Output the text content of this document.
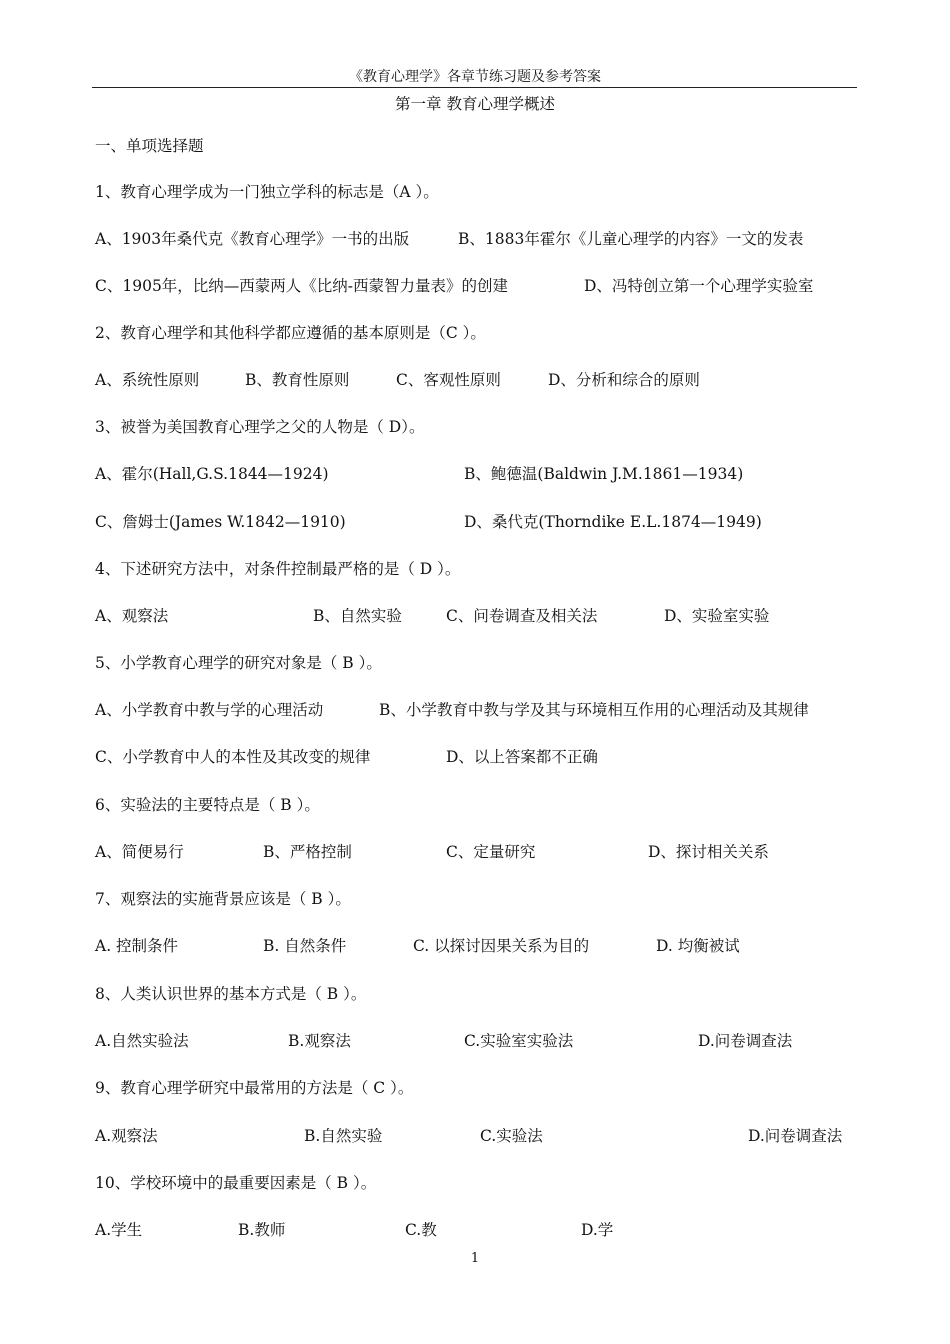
《教育心理学》各章节练习题及参考答案
第一章 教育心理学概述
一、单项选择题
1、教育心理学成为一门独立学科的标志是（A ）。
A、1903年桑代克《教育心理学》一书的出版	B、1883年霍尔《儿童心理学的内容》一文的发表
C、1905年，比纳—西蒙两人《比纳-西蒙智力量表》的创建	D、冯特创立第一个心理学实验室
2、教育心理学和其他科学都应遵循的基本原则是（C ）。
A、系统性原则	B、教育性原则	C、客观性原则	D、分析和综合的原则
3、被誉为美国教育心理学之父的人物是（ D）。
A、霍尔(Hall,G.S.1844—1924)	B、鲍德温(Baldwin J.M.1861—1934)
C、詹姆士(James W.1842—1910)	D、桑代克(Thorndike E.L.1874—1949)
4、下述研究方法中，对条件控制最严格的是（ D ）。
A、观察法	B、自然实验	C、问卷调查及相关法	D、实验室实验
5、小学教育心理学的研究对象是（ B ）。
A、小学教育中教与学的心理活动	B、小学教育中教与学及其与环境相互作用的心理活动及其规律
C、小学教育中人的本性及其改变的规律	D、以上答案都不正确
6、实验法的主要特点是（ B ）。
A、简便易行	B、严格控制	C、定量研究	D、探讨相关关系
7、观察法的实施背景应该是（ B ）。
A. 控制条件	B. 自然条件	C. 以探讨因果关系为目的	D. 均衡被试
8、人类认识世界的基本方式是（ B ）。
A.自然实验法	B.观察法	C.实验室实验法	D.问卷调查法
9、教育心理学研究中最常用的方法是（ C ）。
A.观察法	B.自然实验	C.实验法	D.问卷调查法
10、学校环境中的最重要因素是（ B ）。
A.学生	B.教师	C.教	D.学
1
